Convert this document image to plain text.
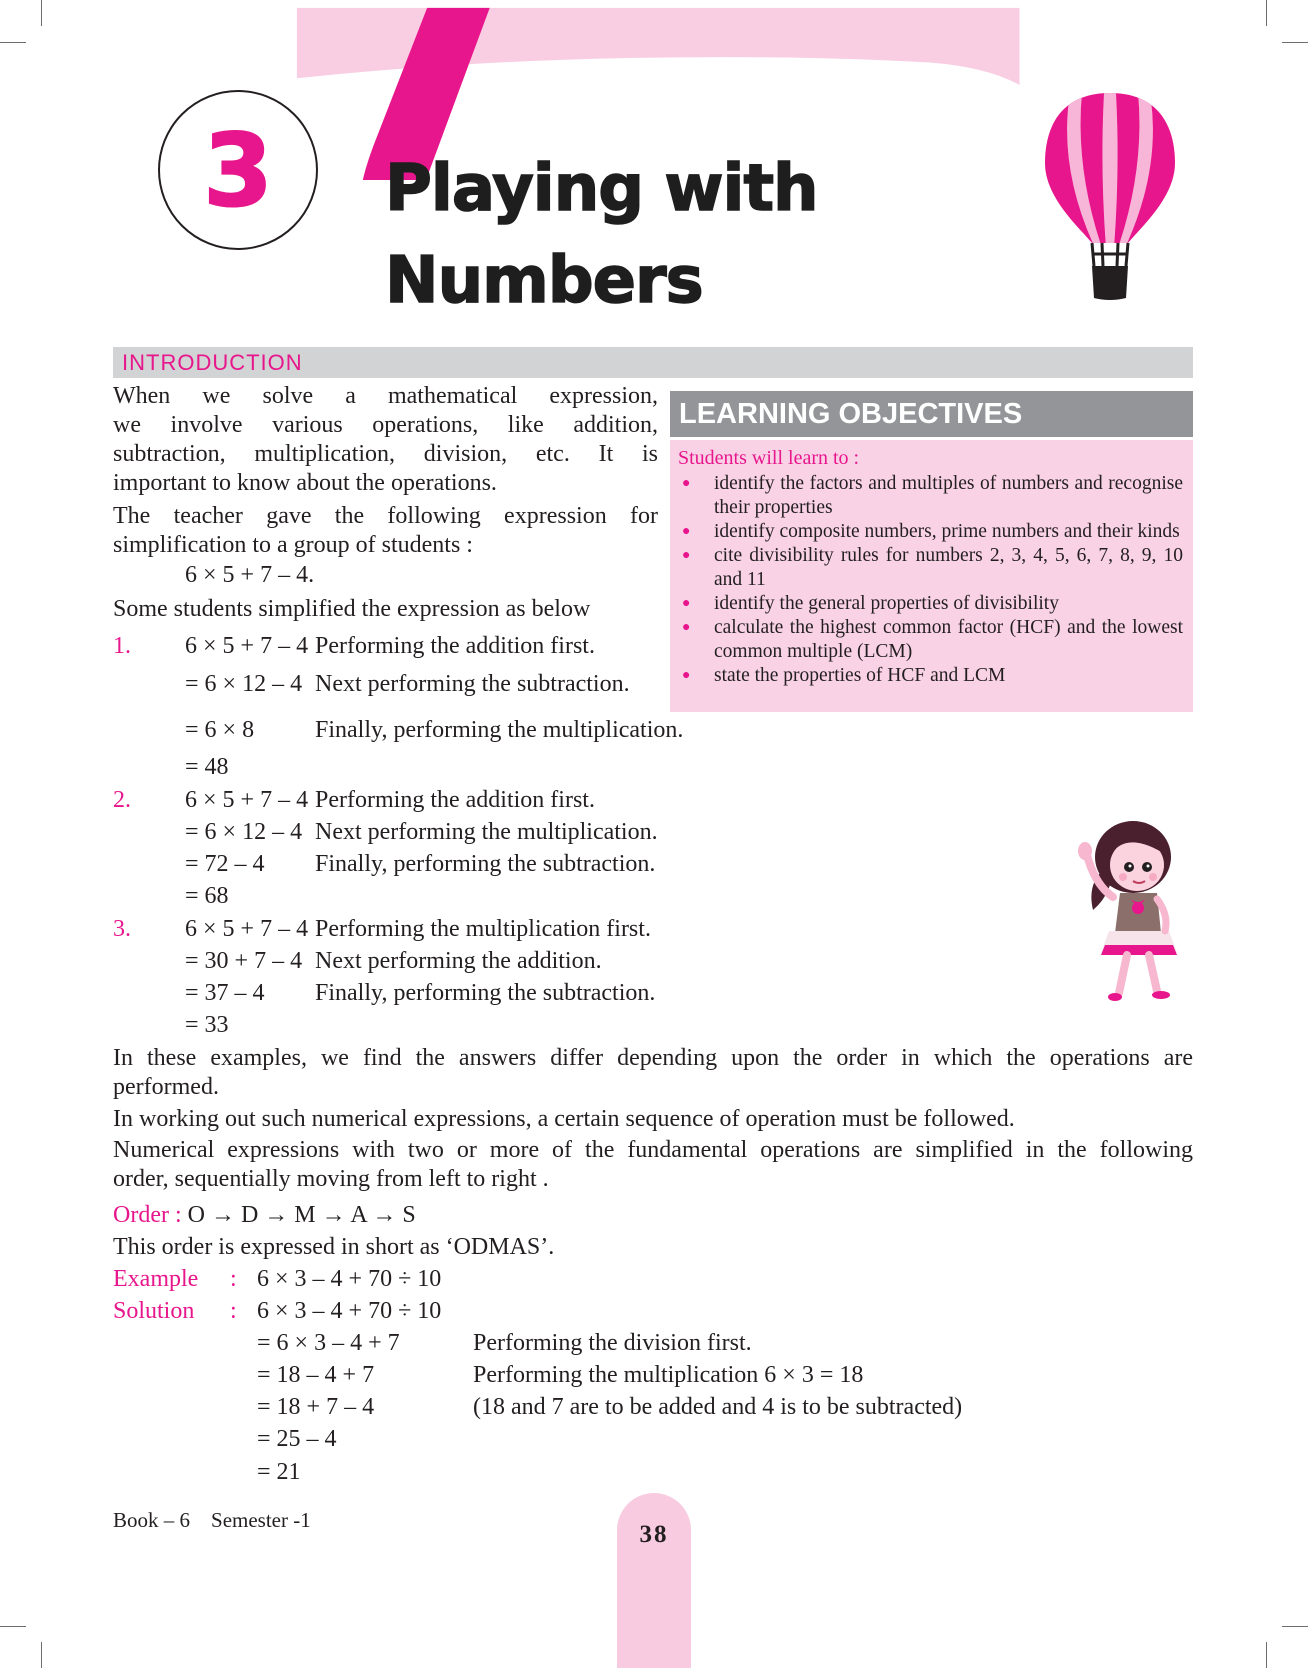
3 Playing with
Numbers
INTRODUCTION
When we solve a mathematical expression,
we involve various operations, like addition,
subtraction, multiplication, division, etc. It is
important to know about the operations.
The teacher gave the following expression for
simplification to a group of students :
6 × 5 + 7 – 4.
Some students simplified the expression as below
LEARNING OBJECTIVES

Students will learn to :

● identify the factors and multiples of numbers and recognise their properties
● identify composite numbers, prime numbers and their kinds
● cite divisibility rules for numbers 2, 3, 4, 5, 6, 7, 8, 9, 10 and 11
● identify the general properties of divisibility
● calculate the highest common factor (HCF) and the lowest common multiple (LCM)
● state the properties of HCF and LCM
1. 6 × 5 + 7 – 4 Performing the addition first.
= 6 × 12 – 4 Next performing the subtraction.
= 6 × 8	Finally, performing the multiplication.
= 48
2. 6 × 5 + 7 – 4 Performing the addition first.
= 6 × 12 – 4 Next performing the multiplication.
= 72 – 4 Finally, performing the subtraction.
= 68
3. 6 × 5 + 7 – 4 Performing the multiplication first.
= 30 + 7 – 4 Next performing the addition.
= 37 – 4 Finally, performing the subtraction.
= 33
In these examples, we find the answers differ depending upon the order in which the operations are
performed.
In working out such numerical expressions, a certain sequence of operation must be followed.
Numerical expressions with two or more of the fundamental operations are simplified in the following
order, sequentially moving from left to right .
Order : O → D → M → A → S
This order is expressed in short as ‘ODMAS’.
Example : 6 × 3 – 4 + 70 ÷ 10
Solution : 6 × 3 – 4 + 70 ÷ 10
= 6 × 3 – 4 + 7	Performing the division first.
= 18 – 4 + 7	Performing the multiplication 6 × 3 = 18
= 18 + 7 – 4	(18 and 7 are to be added and 4 is to be subtracted)
= 25 – 4
= 21
Book – 6 Semester -1
38
